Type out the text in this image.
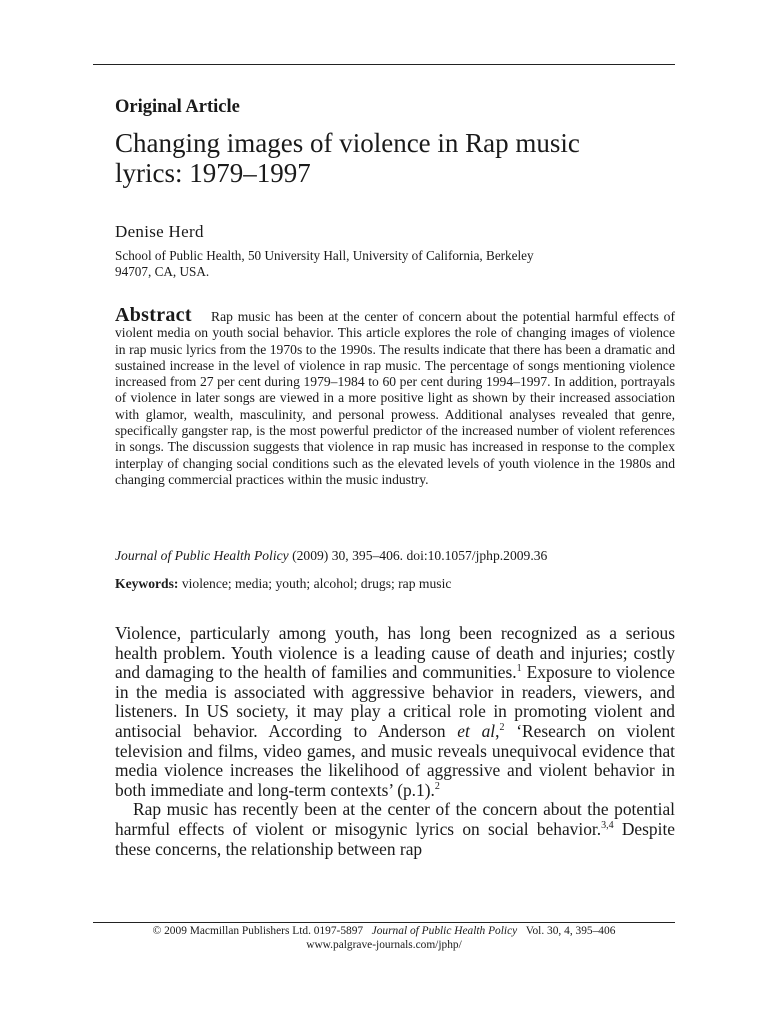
Original Article
Changing images of violence in Rap music
lyrics: 1979–1997
Denise Herd
School of Public Health, 50 University Hall, University of California, Berkeley
94707, CA, USA.
Abstract Rap music has been at the center of concern about the potential harmful effects of violent media on youth social behavior. This article explores the role of changing images of violence in rap music lyrics from the 1970s to the 1990s. The results indicate that there has been a dramatic and sustained increase in the level of violence in rap music. The percentage of songs mentioning violence increased from 27 per cent during 1979–1984 to 60 per cent during 1994–1997. In addition, portrayals of violence in later songs are viewed in a more positive light as shown by their increased association with glamor, wealth, masculinity, and personal prowess. Additional analyses revealed that genre, specifically gangster rap, is the most powerful predictor of the increased number of violent references in songs. The discussion suggests that violence in rap music has increased in response to the complex interplay of changing social conditions such as the elevated levels of youth violence in the 1980s and changing commercial practices within the music industry.
Journal of Public Health Policy (2009) 30, 395–406. doi:10.1057/jphp.2009.36
Keywords: violence; media; youth; alcohol; drugs; rap music

Violence, particularly among youth, has long been recognized as a serious health problem. Youth violence is a leading cause of death and injuries; costly and damaging to the health of families and communities.$^1$ Exposure to violence in the media is associated with aggressive behavior in readers, viewers, and listeners. In US society, it may play a critical role in promoting violent and antisocial behavior. According to Anderson et al,$^2$ ‘Research on violent television and films, video games, and music reveals unequivocal evidence that media violence increases the likelihood of aggressive and violent behavior in both immediate and long-term contexts’ (p.1).$^2$

Rap music has recently been at the center of the concern about the potential harmful effects of violent or misogynic lyrics on social behavior.$^{3,4}$ Despite these concerns, the relationship between rap

© 2009 Macmillan Publishers Ltd. 0197-5897 Journal of Public Health Policy Vol. 30, 4, 395–406
www.palgrave-journals.com/jphp/
